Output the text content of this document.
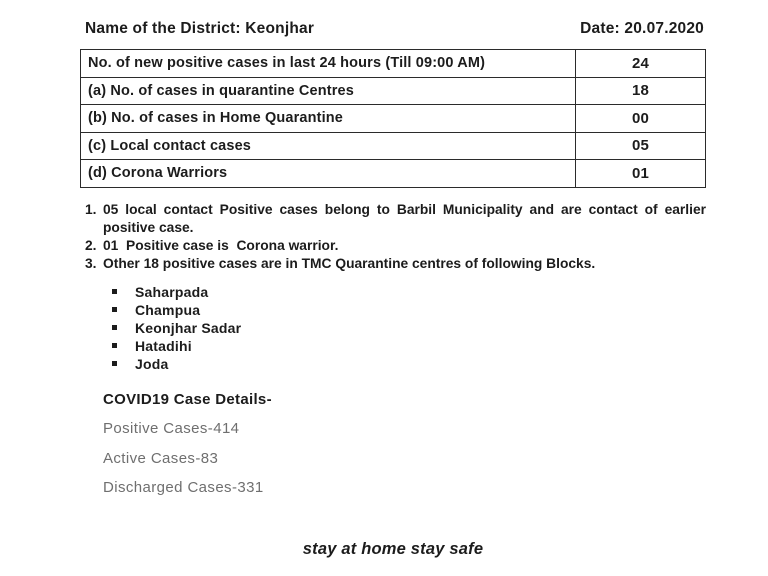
Name of the District: Keonjhar	Date: 20.07.2020
No. of new positive cases in last 24 hours (Till 09:00 AM)	24
(a) No. of cases in quarantine Centres	18
(b) No. of cases in Home Quarantine	00
(c) Local contact cases	05
(d) Corona Warriors	01
1. 05 local contact Positive cases belong to Barbil Municipality and are contact of earlier positive case.
2. 01  Positive case is  Corona warrior.
3. Other 18 positive cases are in TMC Quarantine centres of following Blocks.
Saharpada
Champua
Keonjhar Sadar
Hatadihi
Joda
COVID19 Case Details-
Positive Cases-414
Active Cases-83
Discharged Cases-331
stay at home stay safe
